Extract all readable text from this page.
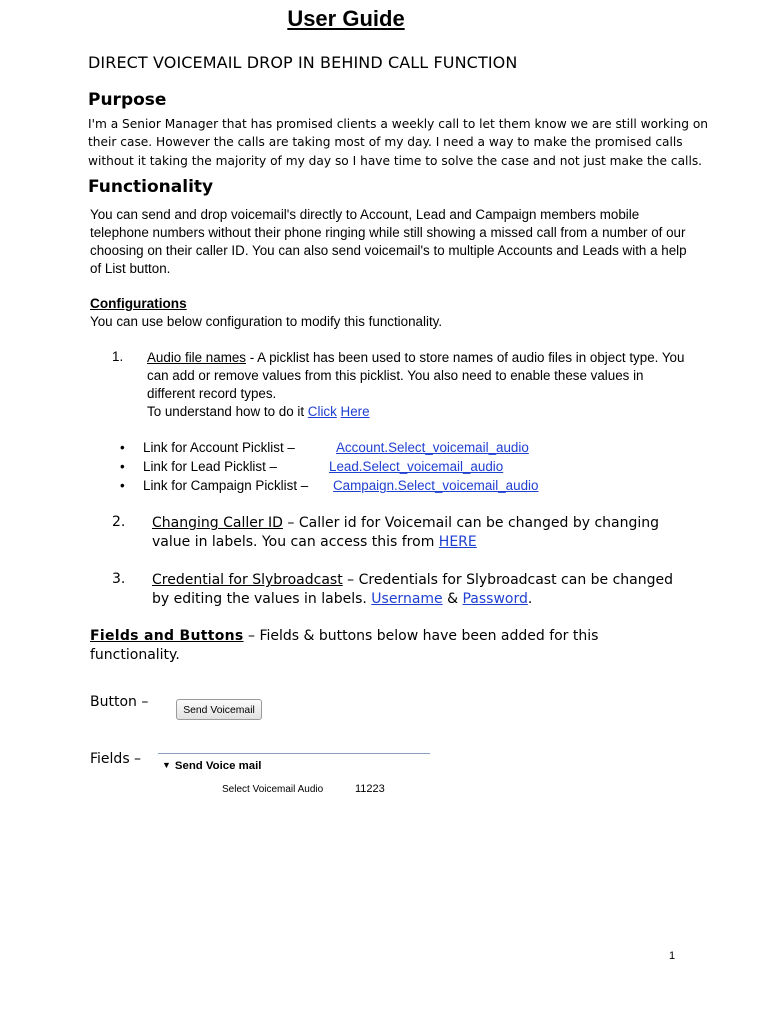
User Guide
DIRECT VOICEMAIL DROP IN BEHIND CALL FUNCTION
Purpose
I'm a Senior Manager that has promised clients a weekly call to let them know we are still working on their case. However the calls are taking most of my day. I need a way to make the promised calls without it taking the majority of my day so I have time to solve the case and not just make the calls.
Functionality
You can send and drop voicemail's directly to Account, Lead and Campaign members mobile telephone numbers without their phone ringing while still showing a missed call from a number of our choosing on their caller ID. You can also send voicemail's to multiple Accounts and Leads with a help of List button.
Configurations
You can use below configuration to modify this functionality.
1. Audio file names - A picklist has been used to store names of audio files in object type. You can add or remove values from this picklist. You also need to enable these values in different record types.
To understand how to do it Click Here
• Link for Account Picklist –	Account.Select_voicemail_audio
• Link for Lead Picklist –	Lead.Select_voicemail_audio
• Link for Campaign Picklist – Campaign.Select_voicemail_audio
2. Changing Caller ID – Caller id for Voicemail can be changed by changing value in labels. You can access this from HERE
3. Credential for Slybroadcast – Credentials for Slybroadcast can be changed by editing the values in labels. Username & Password.
Fields and Buttons – Fields & buttons below have been added for this functionality.
Button –
Send Voicemail
Fields – ▼ Send Voice mail
Select Voicemail Audio	11223
1
